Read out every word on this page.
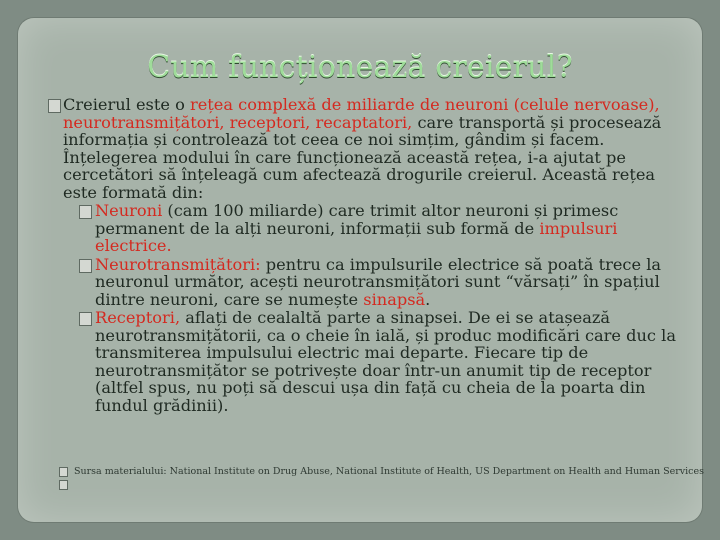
Cum funcționează creierul?
Creierul este o rețea complexă de miliarde de neuroni (celule nervoase), neurotransmițători, receptori, recaptatori, care transportă și procesează informația și controlează tot ceea ce noi simțim, gândim și facem. Înțelegerea modului în care funcționează această rețea, i-a ajutat pe cercetători să înțeleagă cum afectează drogurile creierul. Această rețea este formată din:
Neuroni (cam 100 miliarde) care trimit altor neuroni și primesc permanent de la alți neuroni, informații sub formă de impulsuri electrice.
Neurotransmițători: pentru ca impulsurile electrice să poată trece la neuronul următor, acești neurotransmițători sunt “vărsați” în spațiul dintre neuroni, care se numește sinapsă.
Receptori, aflați de cealaltă parte a sinapsei. De ei se atașează neurotransmițătorii, ca o cheie în ială, și produc modificări care duc la transmiterea impulsului electric mai departe. Fiecare tip de neurotransmițător se potrivește doar într-un anumit tip de receptor (altfel spus, nu poți să descui ușa din față cu cheia de la poarta din fundul grădinii).
Sursa materialului: National Institute on Drug Abuse, National Institute of Health, US Department on Health and Human Services
